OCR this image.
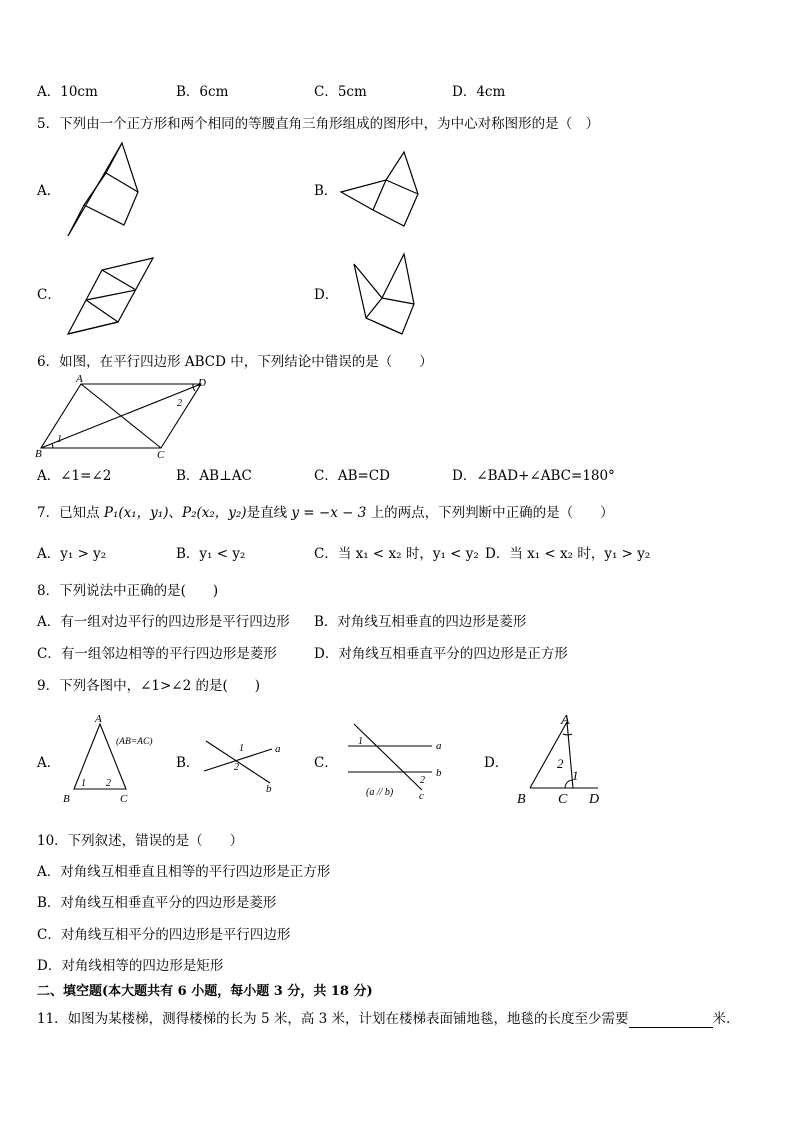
A．10cm	B．6cm	C．5cm	D．4cm
5．下列由一个正方形和两个相同的等腰直角三角形组成的图形中，为中心对称图形的是（　）
A．	B．
C．	D．
6．如图，在平行四边形 ABCD 中，下列结论中错误的是（　　）
A	D
B	C
1
2
A．∠1=∠2	B．AB⊥AC	C．AB=CD	D．∠BAD+∠ABC=180°
7．已知点 P₁(x₁，y₁)、P₂(x₂，y₂)是直线 y = −x − 3 上的两点，下列判断中正确的是（　　）
A．y₁ > y₂	B．y₁ < y₂	C．当 x₁ < x₂ 时，y₁ < y₂ D．当 x₁ < x₂ 时，y₁ > y₂
8．下列说法中正确的是(　　)
A．有一组对边平行的四边形是平行四边形 B．对角线互相垂直的四边形是菱形
C．有一组邻边相等的平行四边形是菱形	D．对角线互相垂直平分的四边形是正方形
9．下列各图中，∠1>∠2 的是(　　)
A．
A
B	C
1 2
(AB=AC)
B．
1
2
a
b
C．
1
2
a
b
c
(a // b)
D．
A
B C D
2
1
10．下列叙述，错误的是（　　）
A．对角线互相垂直且相等的平行四边形是正方形
B．对角线互相垂直平分的四边形是菱形
C．对角线互相平分的四边形是平行四边形
D．对角线相等的四边形是矩形
二、填空题(本大题共有 6 小题，每小题 3 分，共 18 分)
11．如图为某楼梯，测得楼梯的长为 5 米，高 3 米，计划在楼梯表面铺地毯，地毯的长度至少需要	米.
